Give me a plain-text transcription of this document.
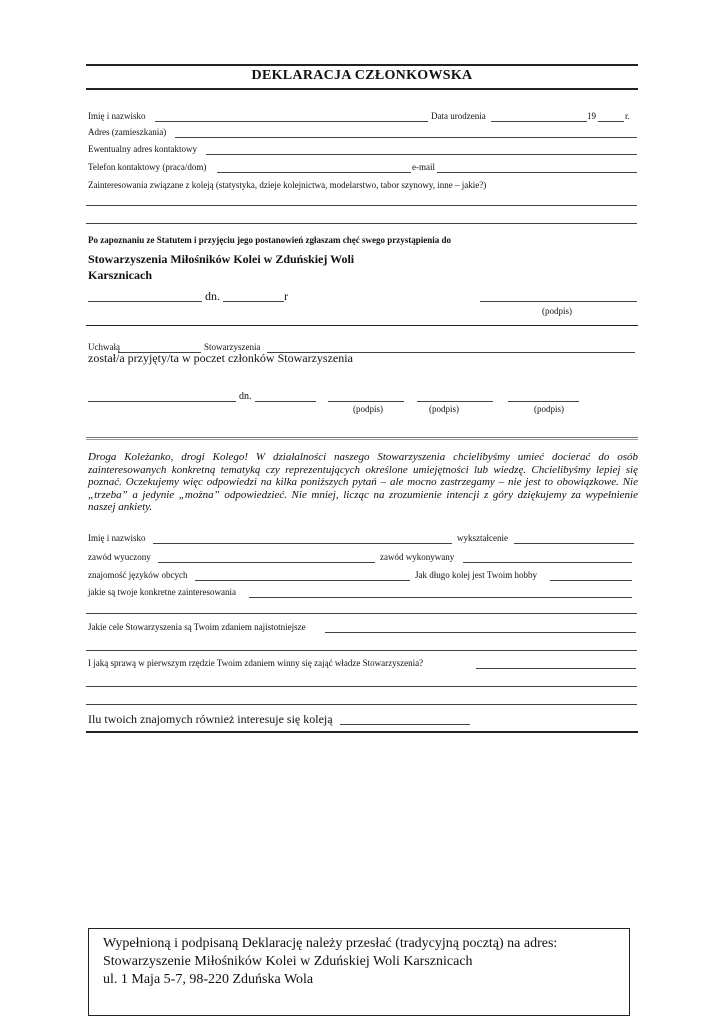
DEKLARACJA CZŁONKOWSKA
Imię i nazwisko	Data urodzenia	19	r.
Adres (zamieszkania)
Ewentualny adres kontaktowy
Telefon kontaktowy (praca/dom)	e-mail
Zainteresowania związane z koleją (statystyka, dzieje kolejnictwa, modelarstwo, tabor szynowy, inne – jakie?)
Po zapoznaniu ze Statutem i przyjęciu jego postanowień zgłaszam chęć swego przystąpienia do
Stowarzyszenia Miłośników Kolei w Zduńskiej Woli
Karsznicach
dn.	r
(podpis)
Uchwałą	Stowarzyszenia
został/a przyjęty/ta w poczet członków Stowarzyszenia
dn.
(podpis)	(podpis)	(podpis)
Droga Koleżanko, drogi Kolego! W działalności naszego Stowarzyszenia chcielibyśmy umieć docierać do osób zainteresowanych konkretną tematyką czy reprezentujących określone umiejętności lub wiedzę. Chcielibyśmy lepiej się poznać. Oczekujemy więc odpowiedzi na kilka poniższych pytań – ale mocno zastrzegamy – nie jest to obowiązkowe. Nie „trzeba” a jedynie „można” odpowiedzieć. Nie mniej, licząc na zrozumienie intencji z góry dziękujemy za wypełnienie naszej ankiety.
Imię i nazwisko	wykształcenie
zawód wyuczony	zawód wykonywany
znajomość języków obcych	Jak długo kolej jest Twoim hobby
jakie są twoje konkretne zainteresowania
Jakie cele Stowarzyszenia są Twoim zdaniem najistotniejsze
I jaką sprawą w pierwszym rzędzie Twoim zdaniem winny się zająć władze Stowarzyszenia?
Ilu twoich znajomych również interesuje się koleją
Wypełnioną i podpisaną Deklarację należy przesłać (tradycyjną pocztą) na adres:
Stowarzyszenie Miłośników Kolei w Zduńskiej Woli Karsznicach
ul. 1 Maja 5-7, 98-220 Zduńska Wola
